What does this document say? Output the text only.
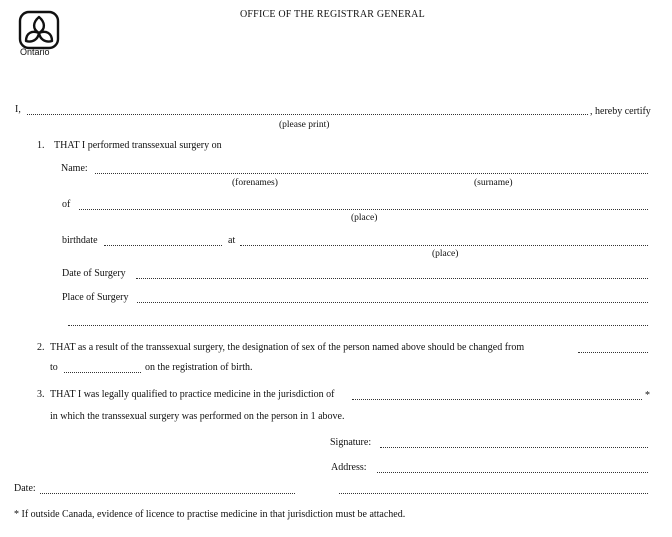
Ontario
OFFICE OF THE REGISTRAR GENERAL
I,	, hereby certify
(please print)
1. THAT I performed transsexual surgery on
Name:
(forenames)	(surname)
of
(place)
birthdate	at
(place)
Date of Surgery
Place of Surgery
2. THAT as a result of the transsexual surgery, the designation of sex of the person named above should be changed from
to	on the registration of birth.
3. THAT I was legally qualified to practice medicine in the jurisdiction of	*
in which the transsexual surgery was performed on the person in 1 above.
Signature:
Address:
Date:
* If outside Canada, evidence of licence to practise medicine in that jurisdiction must be attached.
